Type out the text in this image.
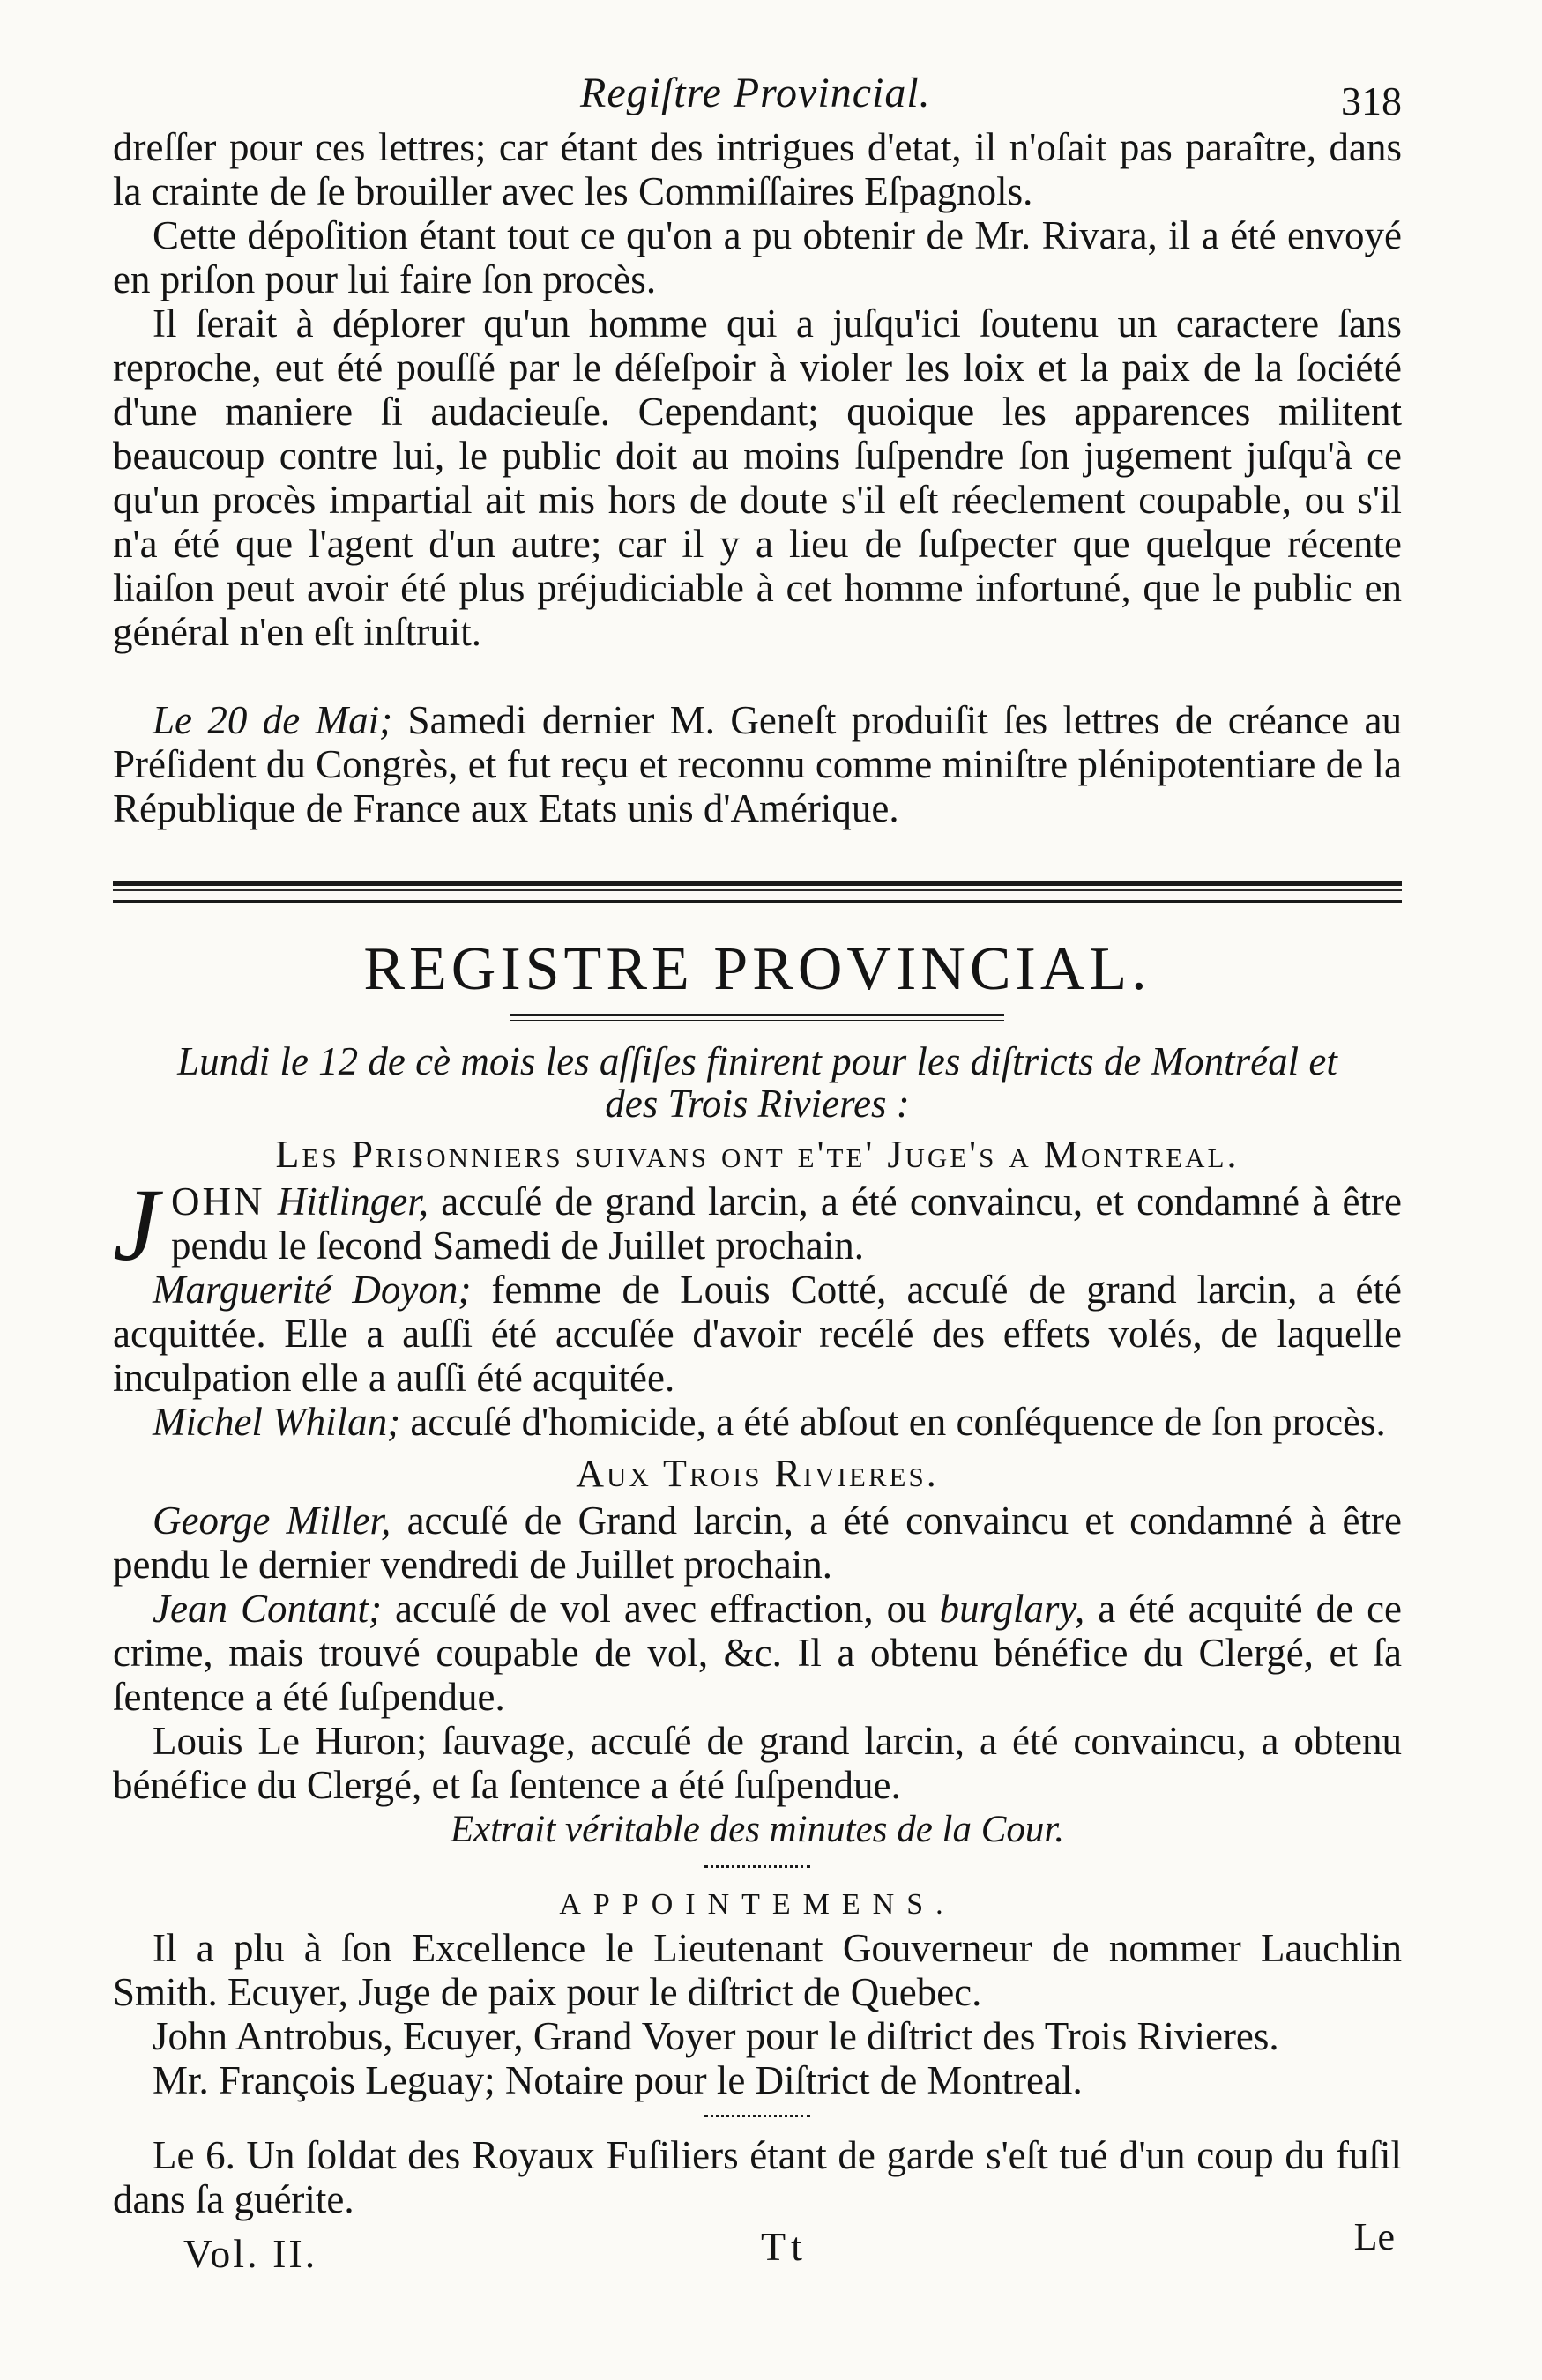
Regiſtre Provincial.	318

dreſſer pour ces lettres; car étant des intrigues d'etat, il n'oſait pas paraître, dans la crainte de ſe brouiller avec les Commiſſaires Eſpagnols.

Cette dépoſition étant tout ce qu'on a pu obtenir de Mr. Rivara, il a été envoyé en priſon pour lui faire ſon procès.

Il ſerait à déplorer qu'un homme qui a juſqu'ici ſoutenu un caractere ſans reproche, eut été pouſſé par le déſeſpoir à violer les loix et la paix de la ſociété d'une maniere ſi audacieuſe. Cependant; quoique les apparences militent beaucoup contre lui, le public doit au moins ſuſpendre ſon jugement juſqu'à ce qu'un procès impartial ait mis hors de doute s'il eſt réeclement coupable, ou s'il n'a été que l'agent d'un autre; car il y a lieu de ſuſpecter que quelque récente liaiſon peut avoir été plus préjudiciable à cet homme infortuné, que le public en général n'en eſt inſtruit.

Le 20 de Mai; Samedi dernier M. Geneſt produiſit ſes lettres de créance au Préſident du Congrès, et fut reçu et reconnu comme miniſtre plénipotentiare de la République de France aux Etats unis d'Amérique.

REGISTRE PROVINCIAL.
Lundi le 12 de cè mois les aſſiſes finirent pour les diſtricts de Montréal et
des Trois Rivieres :
Les Prisonniers suivans ont e'te' Juge's a Montreal.

J OHN Hitlinger, accuſé de grand larcin, a été convaincu, et condamné à être pendu le ſecond Samedi de Juillet prochain.

Marguerité Doyon; femme de Louis Cotté, accuſé de grand larcin, a été acquittée. Elle a auſſi été accuſée d'avoir recélé des effets volés, de laquelle inculpation elle a auſſi été acquitée.

Michel Whilan; accuſé d'homicide, a été abſout en conſéquence de ſon procès.

Aux Trois Rivieres.

George Miller, accuſé de Grand larcin, a été convaincu et condamné à être pendu le dernier vendredi de Juillet prochain.

Jean Contant; accuſé de vol avec effraction, ou burglary, a été acquité de ce crime, mais trouvé coupable de vol, &c. Il a obtenu bénéfice du Clergé, et ſa ſentence a été ſuſpendue.

Louis Le Huron; ſauvage, accuſé de grand larcin, a été convaincu, a obtenu bénéfice du Clergé, et ſa ſentence a été ſuſpendue.

Extrait véritable des minutes de la Cour.
APPOINTEMENS.

Il a plu à ſon Excellence le Lieutenant Gouverneur de nommer Lauchlin Smith. Ecuyer, Juge de paix pour le diſtrict de Quebec.

John Antrobus, Ecuyer, Grand Voyer pour le diſtrict des Trois Rivieres.

Mr. François Leguay; Notaire pour le Diſtrict de Montreal.

Le 6. Un ſoldat des Royaux Fuſiliers étant de garde s'eſt tué d'un coup du fuſil dans ſa guérite.

Vol. II.	Tt	Le
